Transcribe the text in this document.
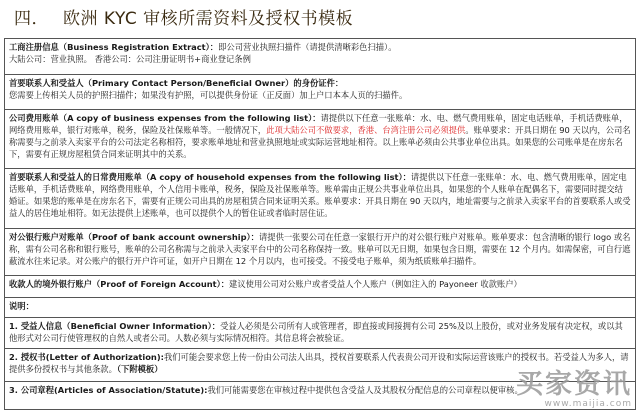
四． 欧洲 KYC 审核所需资料及授权书模板
工商注册信息（Business Registration Extract）：即公司营业执照扫描件（请提供清晰彩色扫描）。
大陆公司：营业执照。 香港公司：公司注册证明书+商业登记条例
首要联系人和受益人（Primary Contact Person/Beneficial Owner）的身份证件：
您需要上传相关人员的护照扫描件；如果没有护照，可以提供身份证（正反面）加上户口本本人页的扫描件。
公司费用账单（A copy of business expenses from the following list）：请提供以下任意一张账单：水、电、燃气费用账单，固定电话账单，手机话费账单，网络费用账单，银行对账单，税务，保险及社保账单等。一般情况下，此项大陆公司不做要求，香港、台湾注册公司必须提供。账单要求：开具日期在 90 天以内，公司名称需要与之前录入卖家平台的公司法定名称相符，要求账单地址和营业执照地址或实际运营地址相符。以上账单必须由公共事业单位出具。如果您的公司账单是在房东名下，需要有正规房屋租赁合同来证明其中的关系。
首要联系人和受益人的日常费用账单（A copy of household expenses from the following list）：请提供以下任意一张账单：水、电、燃气费用账单，固定电话账单，手机话费账单，网络费用账单，个人信用卡账单，税务，保险及社保账单等。账单需由正规公共事业单位出具，如果您的个人账单在配偶名下，需要同时提交结婚证。如果您的账单是在房东名下，需要有正规公司出具的房屋租赁合同来证明关系。账单要求：开具日期在 90 天以内，地址需要与之前录入卖家平台的首要联系人或受益人的居住地址相符。如无法提供上述账单，也可以提供个人的暂住证或者临时居住证。
对公银行账户对账单（Proof of bank account ownership）：请提供一张要公司在任意一家银行开户的对公银行账户对账单。账单要求：包含清晰的银行 logo 或名称，需有公司名称和银行账号，账单的公司名称需与之前录入卖家平台中的公司名称保持一致。账单可以无日期，如果包含日期，需要在 12 个月内。如需保密，可自行遮蔽流水往来记录。对公账户的银行开户许可证，如开户日期在 12 个月以内，也可接受。不接受电子账单，须为纸质账单扫描件。
收款人的境外银行账户（Proof of Foreign Account）：建议使用公司对公账户或者受益人个人账户（例如注入的 Payoneer 收款账户）
说明：
1. 受益人信息（Beneficial Owner Information）：受益人必须是公司所有人或管理者，即直接或间接拥有公司 25%及以上股份，或对业务发展有决定权，或以其他形式对公司行使管理权的自然人或者公司。人数必须与实际情况相符。其信息将会被验证。
2. 授权书(Letter of Authorization):我们可能会要求您上传一份由公司法人出具，授权首要联系人代表贵公司开设和实际运营该账户的授权书。若受益人为多人，请提供多份授权书与其他条款。（下附模板）
3. 公司章程(Articles of Association/Statute):我们可能需要您在审核过程中提供包含受益人及其股权分配信息的公司章程以便审核。
买家资讯
www.maijia.com
